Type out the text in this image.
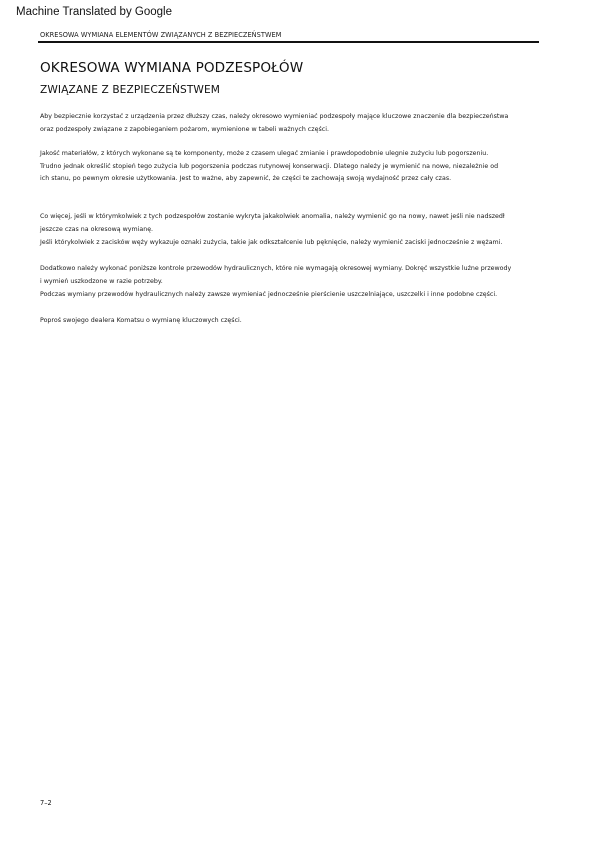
Machine Translated by Google
OKRESOWA WYMIANA ELEMENTÓW ZWIĄZANYCH Z BEZPIECZEŃSTWEM
OKRESOWA WYMIANA PODZESPOŁÓW
ZWIĄZANE Z BEZPIECZEŃSTWEM
Aby bezpiecznie korzystać z urządzenia przez dłuższy czas, należy okresowo wymieniać podzespoły mające kluczowe znaczenie dla bezpieczeństwa
oraz podzespoły związane z zapobieganiem pożarom, wymienione w tabeli ważnych części.
Jakość materiałów, z których wykonane są te komponenty, może z czasem ulegać zmianie i prawdopodobnie ulegnie zużyciu lub pogorszeniu.
Trudno jednak określić stopień tego zużycia lub pogorszenia podczas rutynowej konserwacji. Dlatego należy je wymienić na nowe, niezależnie od
ich stanu, po pewnym okresie użytkowania. Jest to ważne, aby zapewnić, że części te zachowają swoją wydajność przez cały czas.
Co więcej, jeśli w którymkolwiek z tych podzespołów zostanie wykryta jakakolwiek anomalia, należy wymienić go na nowy, nawet jeśli nie nadszedł
jeszcze czas na okresową wymianę.
Jeśli którykolwiek z zacisków węży wykazuje oznaki zużycia, takie jak odkształcenie lub pęknięcie, należy wymienić zaciski jednocześnie z wężami.
Dodatkowo należy wykonać poniższe kontrole przewodów hydraulicznych, które nie wymagają okresowej wymiany. Dokręć wszystkie luźne przewody
i wymień uszkodzone w razie potrzeby.
Podczas wymiany przewodów hydraulicznych należy zawsze wymieniać jednocześnie pierścienie uszczelniające, uszczelki i inne podobne części.
Poproś swojego dealera Komatsu o wymianę kluczowych części.
7–2
